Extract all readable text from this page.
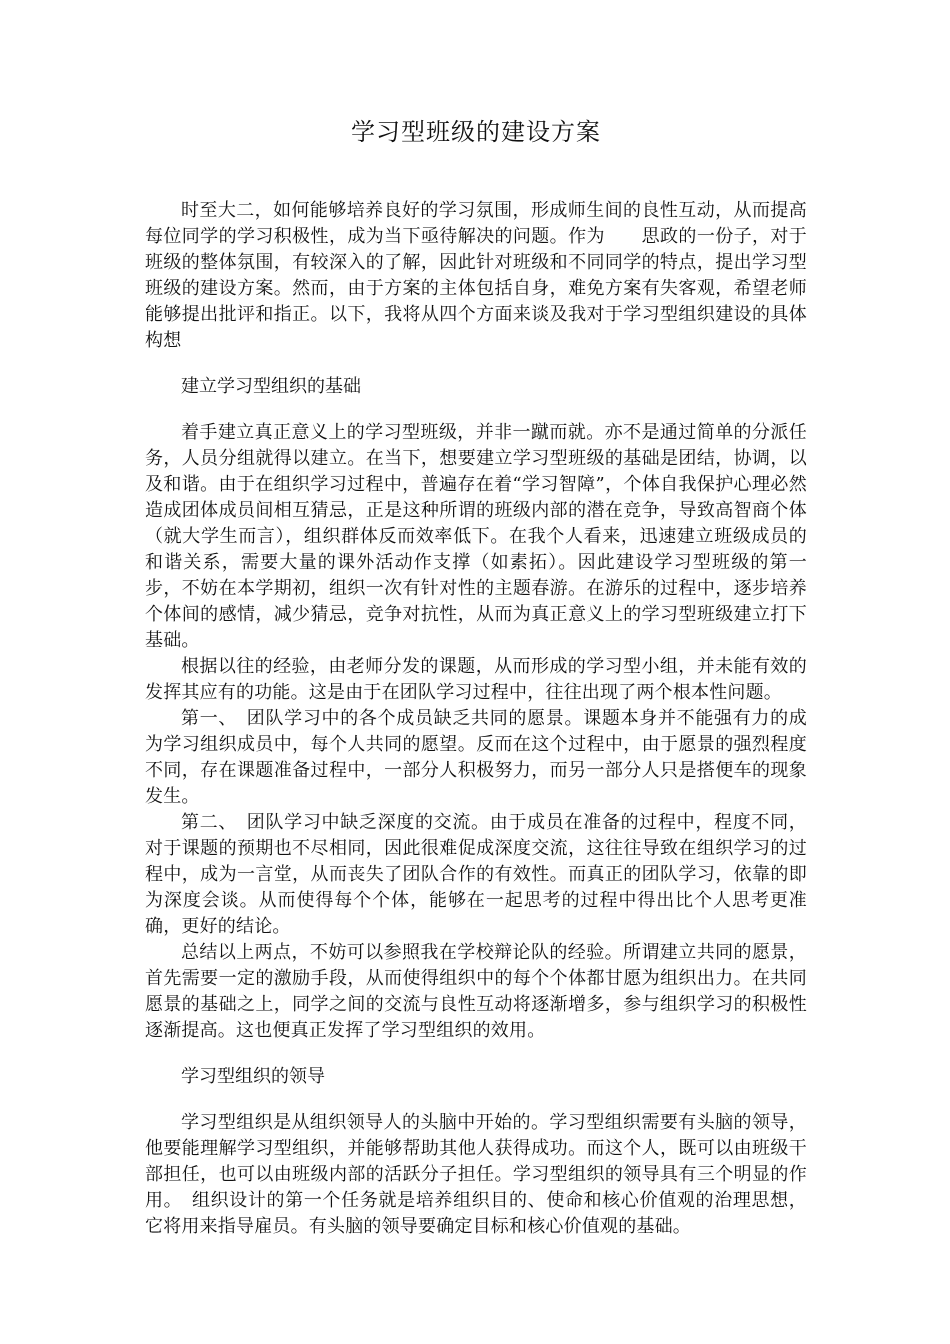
学习型班级的建设方案

时至大二，如何能够培养良好的学习氛围，形成师生间的良性互动，从而提高每位同学的学习积极性，成为当下亟待解决的问题。作为　　思政的一份子，对于班级的整体氛围，有较深入的了解，因此针对班级和不同同学的特点，提出学习型班级的建设方案。然而，由于方案的主体包括自身，难免方案有失客观，希望老师能够提出批评和指正。以下，我将从四个方面来谈及我对于学习型组织建设的具体构想

建立学习型组织的基础

着手建立真正意义上的学习型班级，并非一蹴而就。亦不是通过简单的分派任务，人员分组就得以建立。在当下，想要建立学习型班级的基础是团结，协调，以及和谐。由于在组织学习过程中，普遍存在着“学习智障”，个体自我保护心理必然造成团体成员间相互猜忌，正是这种所谓的班级内部的潜在竞争，导致高智商个体（就大学生而言），组织群体反而效率低下。在我个人看来，迅速建立班级成员的和谐关系，需要大量的课外活动作支撑（如素拓）。因此建设学习型班级的第一步，不妨在本学期初，组织一次有针对性的主题春游。在游乐的过程中，逐步培养个体间的感情，减少猜忌，竞争对抗性，从而为真正意义上的学习型班级建立打下基础。

根据以往的经验，由老师分发的课题，从而形成的学习型小组，并未能有效的发挥其应有的功能。这是由于在团队学习过程中，往往出现了两个根本性问题。

第一、　团队学习中的各个成员缺乏共同的愿景。课题本身并不能强有力的成为学习组织成员中，每个人共同的愿望。反而在这个过程中，由于愿景的强烈程度不同，存在课题准备过程中，一部分人积极努力，而另一部分人只是搭便车的现象发生。

第二、　团队学习中缺乏深度的交流。由于成员在准备的过程中，程度不同，对于课题的预期也不尽相同，因此很难促成深度交流，这往往导致在组织学习的过程中，成为一言堂，从而丧失了团队合作的有效性。而真正的团队学习，依靠的即为深度会谈。从而使得每个个体，能够在一起思考的过程中得出比个人思考更准确，更好的结论。

总结以上两点，不妨可以参照我在学校辩论队的经验。所谓建立共同的愿景，首先需要一定的激励手段，从而使得组织中的每个个体都甘愿为组织出力。在共同愿景的基础之上，同学之间的交流与良性互动将逐渐增多，参与组织学习的积极性逐渐提高。这也便真正发挥了学习型组织的效用。

学习型组织的领导

学习型组织是从组织领导人的头脑中开始的。学习型组织需要有头脑的领导，他要能理解学习型组织，并能够帮助其他人获得成功。而这个人，既可以由班级干部担任，也可以由班级内部的活跃分子担任。学习型组织的领导具有三个明显的作用。　组织设计的第一个任务就是培养组织目的、使命和核心价值观的治理思想，它将用来指导雇员。有头脑的领导要确定目标和核心价值观的基础。
